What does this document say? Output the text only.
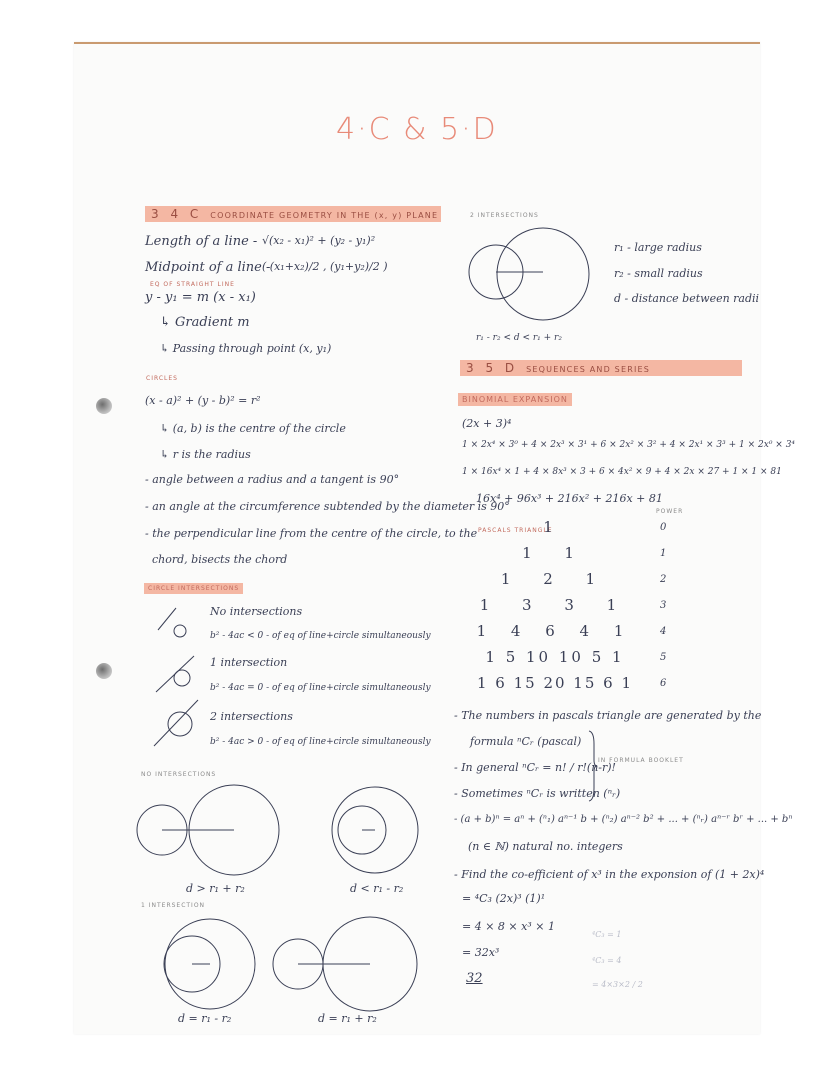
4·C & 5·D
3 4 C COORDINATE GEOMETRY IN THE (x, y) PLANE
Length of a line - √(x₂ - x₁)² + (y₂ - y₁)²
Midpoint of a line -
( (x₁+x₂)/2 , (y₁+y₂)/2 )
EQ OF STRAIGHT LINE
y - y₁ = m (x - x₁)
↳ Gradient m
↳ Passing through point (x, y₁)
CIRCLES
(x - a)² + (y - b)² = r²
↳ (a, b) is the centre of the circle
↳ r is the radius
- angle between a radius and a tangent is 90°
- an angle at the circumference subtended by the diameter is 90°
- the perpendicular line from the centre of the circle, to the
chord, bisects the chord
CIRCLE INTERSECTIONS
No intersections
b² - 4ac < 0 - of eq of line+circle simultaneously
1 intersection
b² - 4ac = 0 - of eq of line+circle simultaneously
2 intersections
b² - 4ac > 0 - of eq of line+circle simultaneously
NO INTERSECTIONS
d > r₁ + r₂	d < r₁ - r₂
1 INTERSECTION
d = r₁ - r₂	d = r₁ + r₂
2 INTERSECTIONS
r₁ - large radius
r₂ - small radius
d - distance between radii
r₁ - r₂ < d < r₁ + r₂
3 5 D SEQUENCES AND SERIES
BINOMIAL EXPANSION
(2x + 3)⁴
1 × 2x⁴ × 3⁰ + 4 × 2x³ × 3¹ + 6 × 2x² × 3² + 4 × 2x¹ × 3³ + 1 × 2x⁰ × 3⁴
1 × 16x⁴ × 1 + 4 × 8x³ × 3 + 6 × 4x² × 9 + 4 × 2x × 27 + 1 × 1 × 81
16x⁴ + 96x³ + 216x² + 216x + 81
POWER
PASCALS TRIANGLE
1
1 1
1 2 1
1 3 3 1
1 4 6 4 1
1 5 10 10 5 1
1 6 15 20 15 6 1
0
1
2
3
4
5
6
- The numbers in pascals triangle are generated by the
formula ⁿCᵣ (pascal)
- In general ⁿCᵣ = n! / r!(n-r)!
IN FORMULA BOOKLET
- Sometimes ⁿCᵣ is written (ⁿᵣ)
- (a + b)ⁿ = aⁿ + (ⁿ₁) aⁿ⁻¹ b + (ⁿ₂) aⁿ⁻² b² + ... + (ⁿᵣ) aⁿ⁻ʳ bʳ + ... + bⁿ
(n ∈ ℕ) natural no. integers
- Find the co-efficient of x³ in the exponsion of (1 + 2x)⁴
= ⁴C₃ (2x)³ (1)¹
= 4 × 8 × x³ × 1
= 32x³
32
⁴C₃ = 1
⁴C₃ = 4
= 4×3×2 / 2
